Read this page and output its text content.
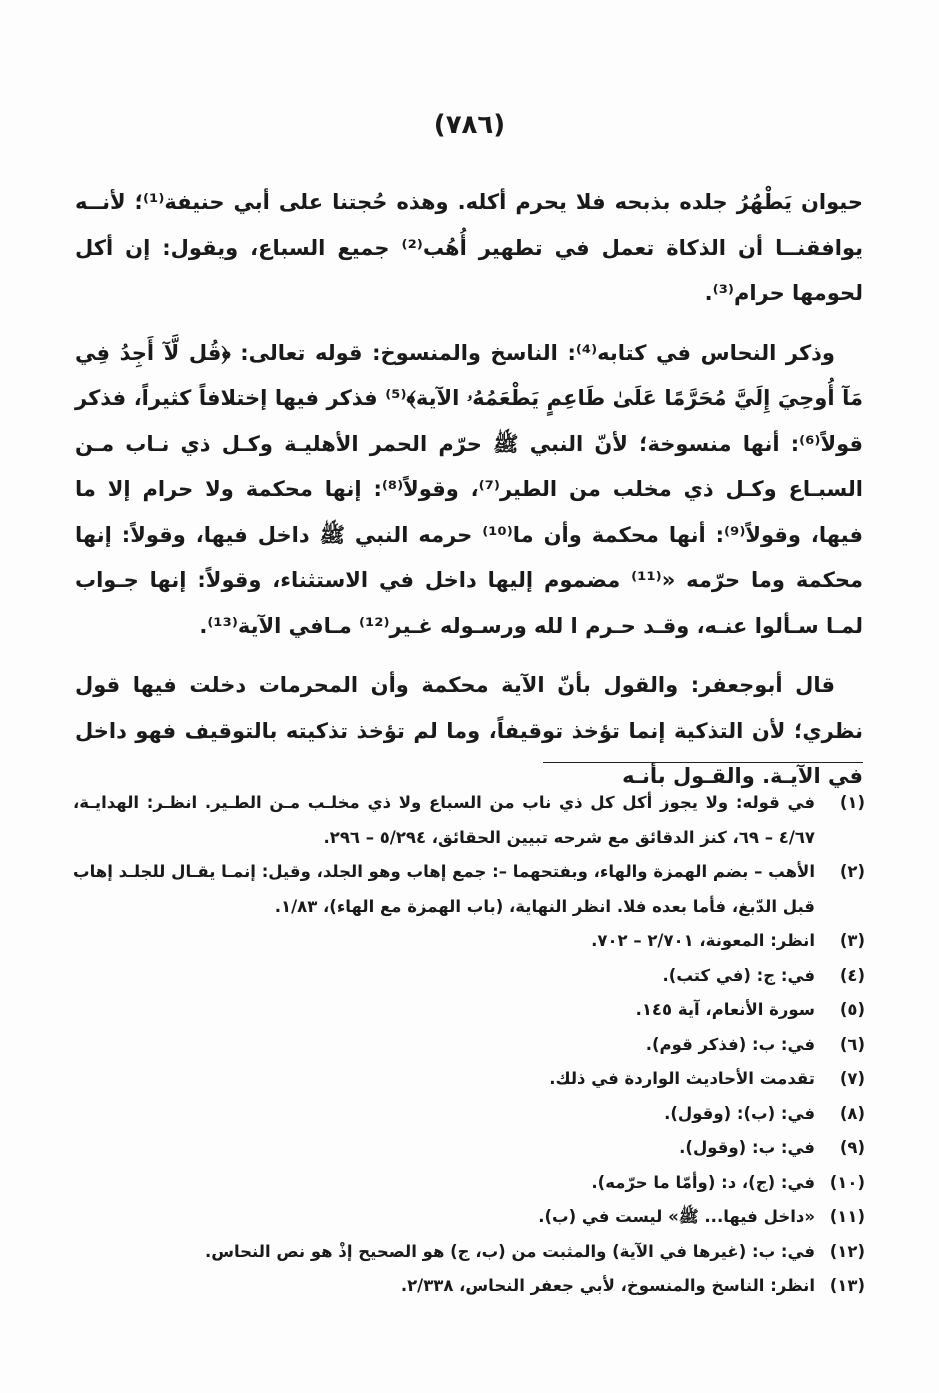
(٧٨٦)

حيوان يَطْهُرُ جلده بذبحه فلا يحرم أكله. وهذه حُجتنا على أبي حنيفة⁽¹⁾؛ لأنــه يوافقنــا أن الذكاة تعمل في تطهير أُهُب⁽²⁾ جميع السباع، ويقول: إن أكل لحومها حرام⁽³⁾.

وذكر النحاس في كتابه⁽⁴⁾: الناسخ والمنسوخ: قوله تعالى: ﴿قُل لَّآ أَجِدُ فِي مَآ أُوحِيَ إِلَيَّ مُحَرَّمًا عَلَىٰ طَاعِمٍ يَطْعَمُهُۥ الآية﴾⁽⁵⁾ فذكر فيها إختلافاً كثيراً، فذكر قولاً⁽⁶⁾: أنها منسوخة؛ لأنّ النبي ﷺ حرّم الحمر الأهليـة وكـل ذي نـاب مـن السبـاع وكـل ذي مخلب من الطير⁽⁷⁾، وقولاً⁽⁸⁾: إنها محكمة ولا حرام إلا ما فيها، وقولاً⁽⁹⁾: أنها محكمة وأن ما⁽¹⁰⁾ حرمه النبي ﷺ داخل فيها، وقولاً: إنها محكمة وما حرّمه «⁽¹¹⁾ مضموم إليها داخل في الاستثناء، وقولاً: إنها جـواب لمـا سـألوا عنـه، وقـد حـرم ا لله ورسـوله غـير⁽¹²⁾ مـافي الآية⁽¹³⁾.

قال أبوجعفر: والقول بأنّ الآية محكمة وأن المحرمات دخلت فيها قول نظري؛ لأن التذكية إنما تؤخذ توقيفاً، وما لم تؤخذ تذكيته بالتوقيف فهو داخل في الآيـة. والقـول بأنـه

(١)
في قوله: ولا يجوز أكل كل ذي ناب من السباع ولا ذي مخلـب مـن الطـير. انظـر: الهدايـة، ٤/٦٧ – ٦٩، كنز الدقائق مع شرحه تبيين الحقائق، ٥/٢٩٤ – ٢٩٦.
(٢)
الأهب – بضم الهمزة والهاء، وبفتحهما –: جمع إهاب وهو الجلد، وقيل: إنمـا يقـال للجلـد إهاب قبل الدّبغ، فأما بعده فلا. انظر النهاية، (باب الهمزة مع الهاء)، ١/٨٣.
(٣)
انظر: المعونة، ٢/٧٠١ – ٧٠٢.
(٤)
في: ج: (في كتب).
(٥)
سورة الأنعام، آية ١٤٥.
(٦)
في: ب: (فذكر قوم).
(٧)
تقدمت الأحاديث الواردة في ذلك.
(٨)
في: (ب): (وقول).
(٩)
في: ب: (وقول).
(١٠)
في: (ج)، د: (وأمّا ما حرّمه).
(١١)
«داخل فيها... ﷺ» ليست في (ب).
(١٢)
في: ب: (غيرها في الآية) والمثبت من (ب، ج) هو الصحيح إذْ هو نص النحاس.
(١٣)
انظر: الناسخ والمنسوخ، لأبي جعفر النحاس، ٢/٣٣٨.
